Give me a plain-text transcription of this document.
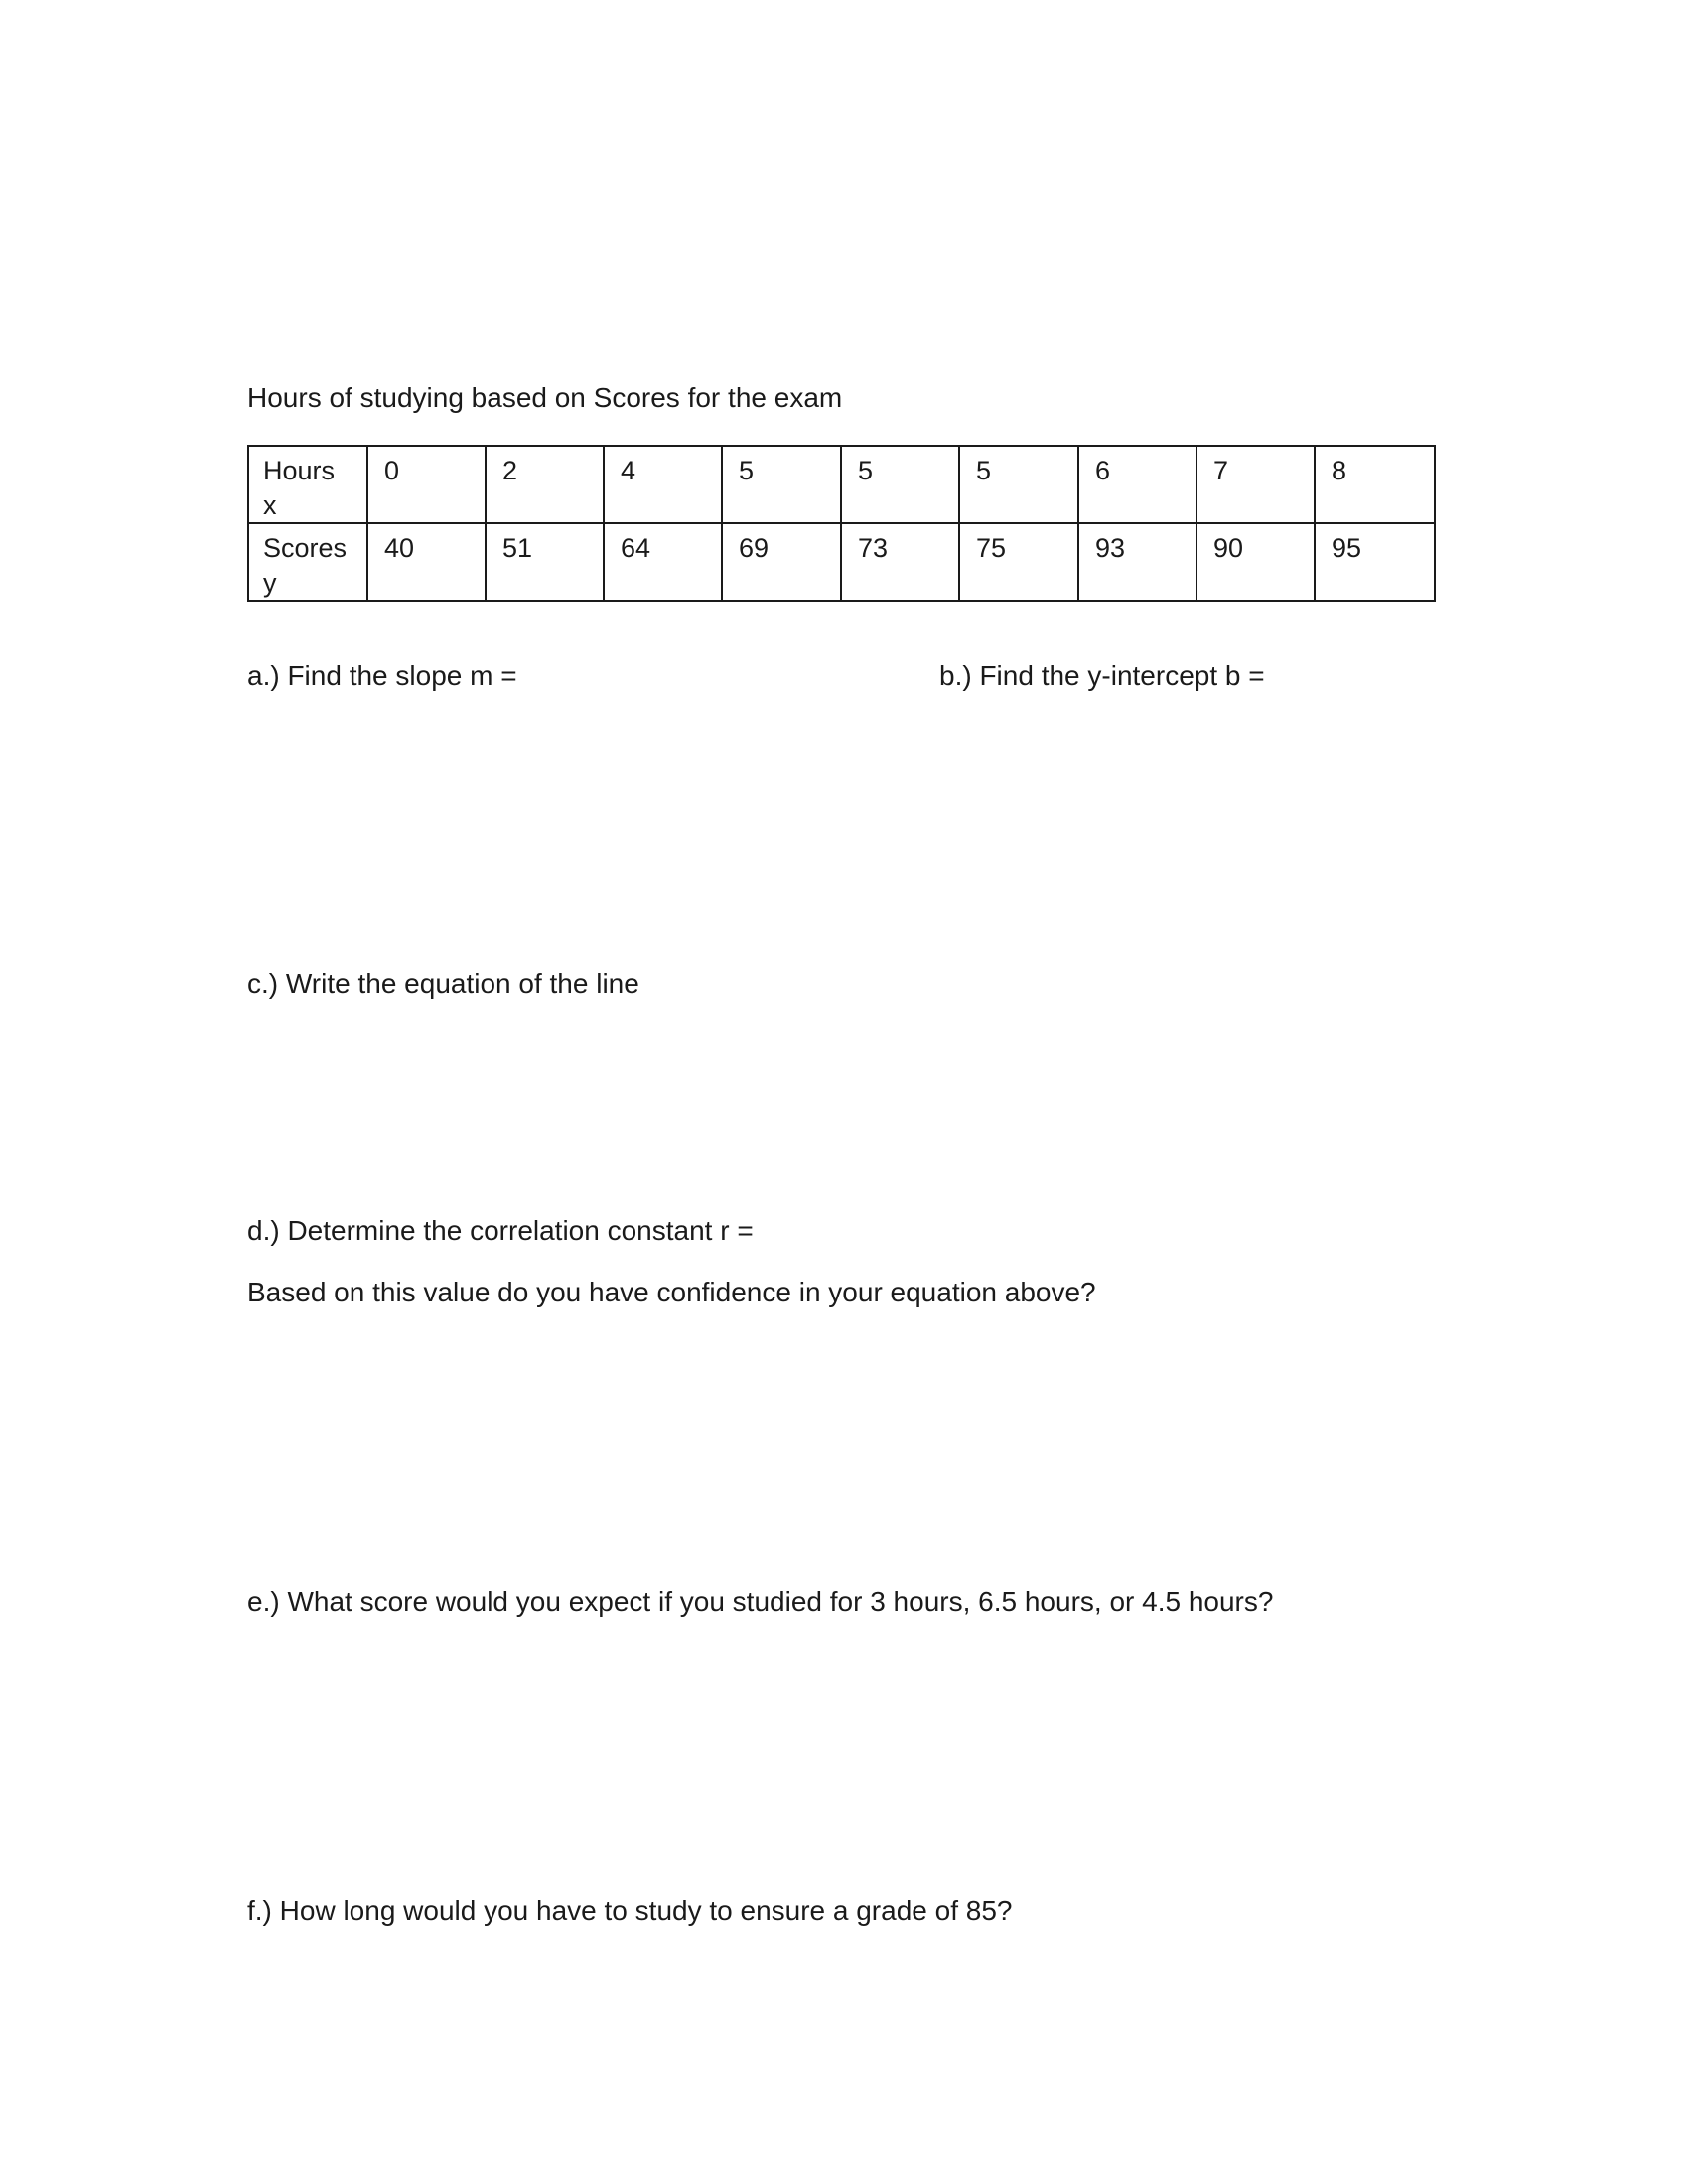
Hours of studying based on Scores for the exam
Hours
x	0	2	4	5	5	5	6	7	8
Scores
y	40	51	64	69	73	75	93	90	95
a.) Find the slope m =	b.) Find the y-intercept b =
c.) Write the equation of the line
d.) Determine the correlation constant r =
Based on this value do you have confidence in your equation above?
e.) What score would you expect if you studied for 3 hours, 6.5 hours, or 4.5 hours?
f.) How long would you have to study to ensure a grade of 85?
